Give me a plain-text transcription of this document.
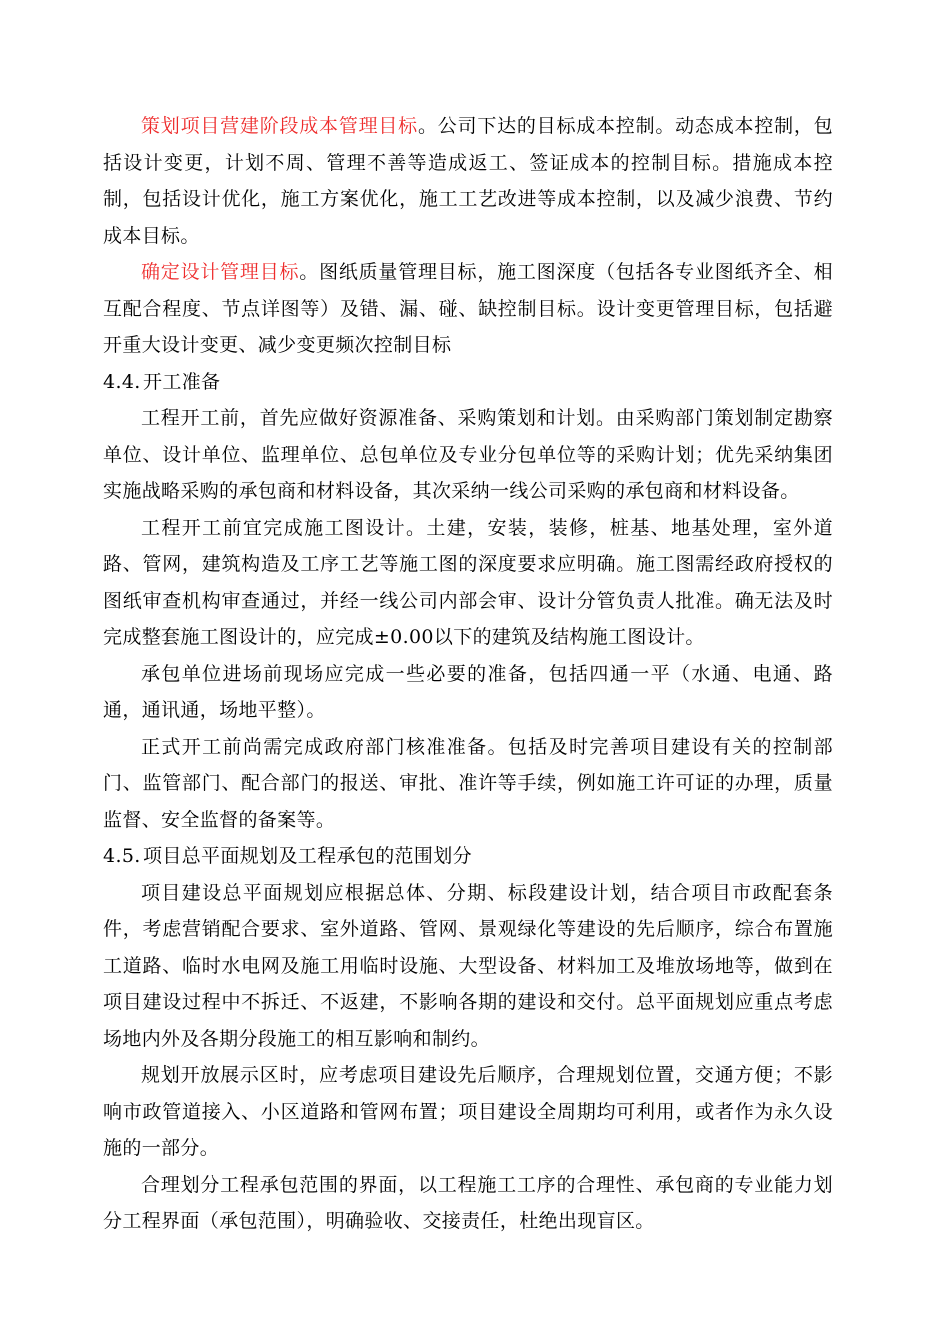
策划项目营建阶段成本管理目标。公司下达的目标成本控制。动态成本控制，包括设计变更，计划不周、管理不善等造成返工、签证成本的控制目标。措施成本控制，包括设计优化，施工方案优化，施工工艺改进等成本控制，以及减少浪费、节约成本目标。

确定设计管理目标。图纸质量管理目标，施工图深度（包括各专业图纸齐全、相互配合程度、节点详图等）及错、漏、碰、缺控制目标。设计变更管理目标，包括避开重大设计变更、减少变更频次控制目标

4.4. 开工准备

工程开工前，首先应做好资源准备、采购策划和计划。由采购部门策划制定勘察单位、设计单位、监理单位、总包单位及专业分包单位等的采购计划；优先采纳集团实施战略采购的承包商和材料设备，其次采纳一线公司采购的承包商和材料设备。

工程开工前宜完成施工图设计。土建，安装，装修，桩基、地基处理，室外道路、管网，建筑构造及工序工艺等施工图的深度要求应明确。施工图需经政府授权的图纸审查机构审查通过，并经一线公司内部会审、设计分管负责人批准。确无法及时完成整套施工图设计的，应完成±0.00以下的建筑及结构施工图设计。

承包单位进场前现场应完成一些必要的准备，包括四通一平（水通、电通、路通，通讯通，场地平整）。

正式开工前尚需完成政府部门核准准备。包括及时完善项目建设有关的控制部门、监管部门、配合部门的报送、审批、准许等手续，例如施工许可证的办理，质量监督、安全监督的备案等。

4.5. 项目总平面规划及工程承包的范围划分

项目建设总平面规划应根据总体、分期、标段建设计划，结合项目市政配套条件，考虑营销配合要求、室外道路、管网、景观绿化等建设的先后顺序，综合布置施工道路、临时水电网及施工用临时设施、大型设备、材料加工及堆放场地等，做到在项目建设过程中不拆迁、不返建，不影响各期的建设和交付。总平面规划应重点考虑场地内外及各期分段施工的相互影响和制约。

规划开放展示区时，应考虑项目建设先后顺序，合理规划位置，交通方便；不影响市政管道接入、小区道路和管网布置；项目建设全周期均可利用，或者作为永久设施的一部分。

合理划分工程承包范围的界面，以工程施工工序的合理性、承包商的专业能力划分工程界面（承包范围），明确验收、交接责任，杜绝出现盲区。
